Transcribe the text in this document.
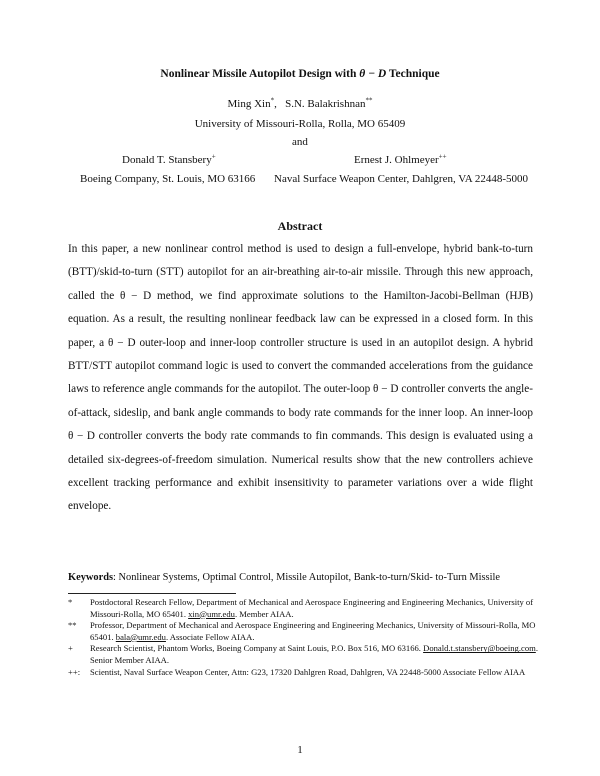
Nonlinear Missile Autopilot Design with θ − D Technique
Ming Xin*,   S.N. Balakrishnan**
University of Missouri-Rolla, Rolla, MO 65409
and
Donald T. Stansbery+	Ernest J. Ohlmeyer++
Boeing Company, St. Louis, MO 63166 Naval Surface Weapon Center, Dahlgren, VA 22448-5000
Abstract

In this paper, a new nonlinear control method is used to design a full-envelope, hybrid bank-to-turn (BTT)/skid-to-turn (STT) autopilot for an air-breathing air-to-air missile. Through this new approach, called the θ − D method, we find approximate solutions to the Hamilton-Jacobi-Bellman (HJB) equation. As a result, the resulting nonlinear feedback law can be expressed in a closed form. In this paper, a θ − D outer-loop and inner-loop controller structure is used in an autopilot design. A hybrid BTT/STT autopilot command logic is used to convert the commanded accelerations from the guidance laws to reference angle commands for the autopilot. The outer-loop θ − D controller converts the angle-of-attack, sideslip, and bank angle commands to body rate commands for the inner loop. An inner-loop θ − D controller converts the body rate commands to fin commands. This design is evaluated using a detailed six-degrees-of-freedom simulation. Numerical results show that the new controllers achieve excellent tracking performance and exhibit insensitivity to parameter variations over a wide flight envelope.

Keywords: Nonlinear Systems, Optimal Control, Missile Autopilot, Bank-to-turn/Skid- to-Turn Missile
*	Postdoctoral Research Fellow, Department of Mechanical and Aerospace Engineering and Engineering Mechanics, University of Missouri-Rolla, MO 65401. xin@umr.edu. Member AIAA.
**	Professor, Department of Mechanical and Aerospace Engineering and Engineering Mechanics, University of Missouri-Rolla, MO 65401. bala@umr.edu. Associate Fellow AIAA.
+	Research Scientist, Phantom Works, Boeing Company at Saint Louis, P.O. Box 516, MO 63166. Donald.t.stansbery@boeing.com. Senior Member AIAA.
++:	Scientist, Naval Surface Weapon Center, Attn: G23, 17320 Dahlgren Road, Dahlgren, VA 22448-5000 Associate Fellow AIAA
1
